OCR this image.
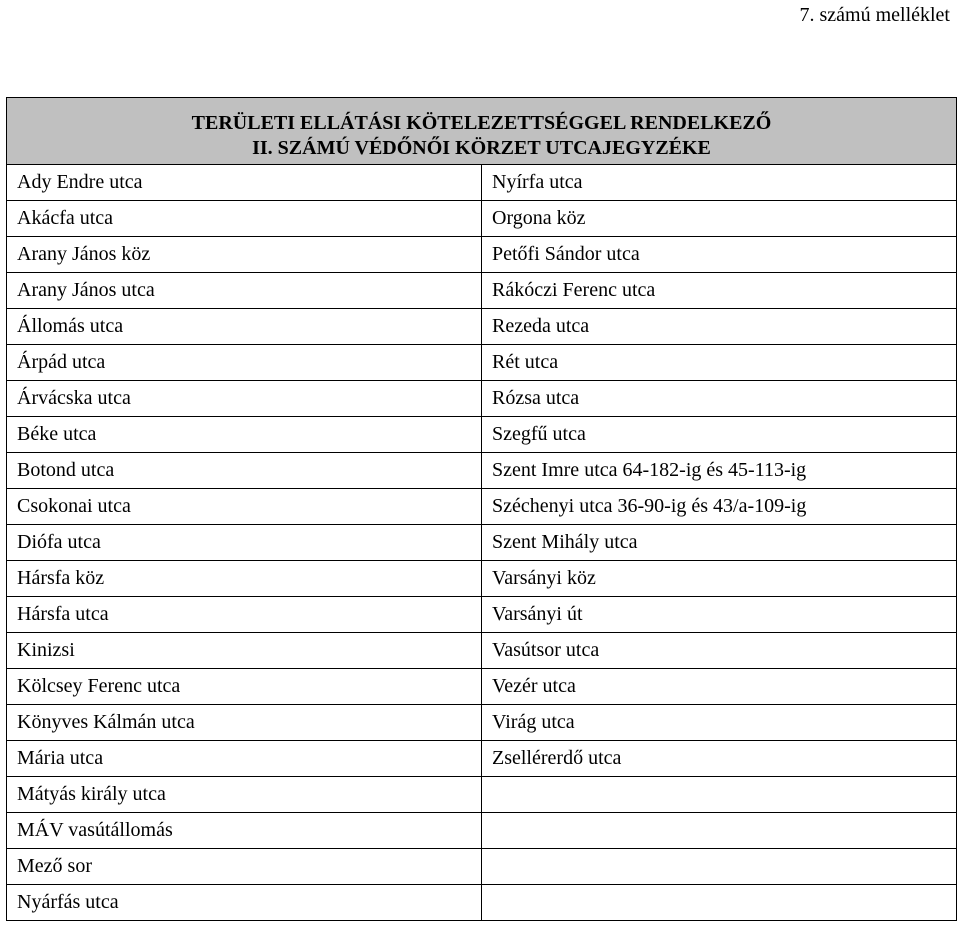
7. számú melléklet
TERÜLETI ELLÁTÁSI KÖTELEZETTSÉGGEL RENDELKEZŐ
II. SZÁMÚ VÉDŐNŐI KÖRZET UTCAJEGYZÉKE	

Ady Endre utca	Nyírfa utca
Akácfa utca	Orgona köz
Arany János köz	Petőfi Sándor utca
Arany János utca	Rákóczi Ferenc utca
Állomás utca	Rezeda utca
Árpád utca	Rét utca
Árvácska utca	Rózsa utca
Béke utca	Szegfű utca
Botond utca	Szent Imre utca 64-182-ig és 45-113-ig
Csokonai utca	Széchenyi utca 36-90-ig és 43/a-109-ig
Diófa utca	Szent Mihály utca
Hársfa köz	Varsányi köz
Hársfa utca	Varsányi út
Kinizsi	Vasútsor utca
Kölcsey Ferenc utca	Vezér utca
Könyves Kálmán utca	Virág utca
Mária utca	Zsellérerdő utca
Mátyás király utca	
MÁV vasútállomás	
Mező sor	
Nyárfás utca	
